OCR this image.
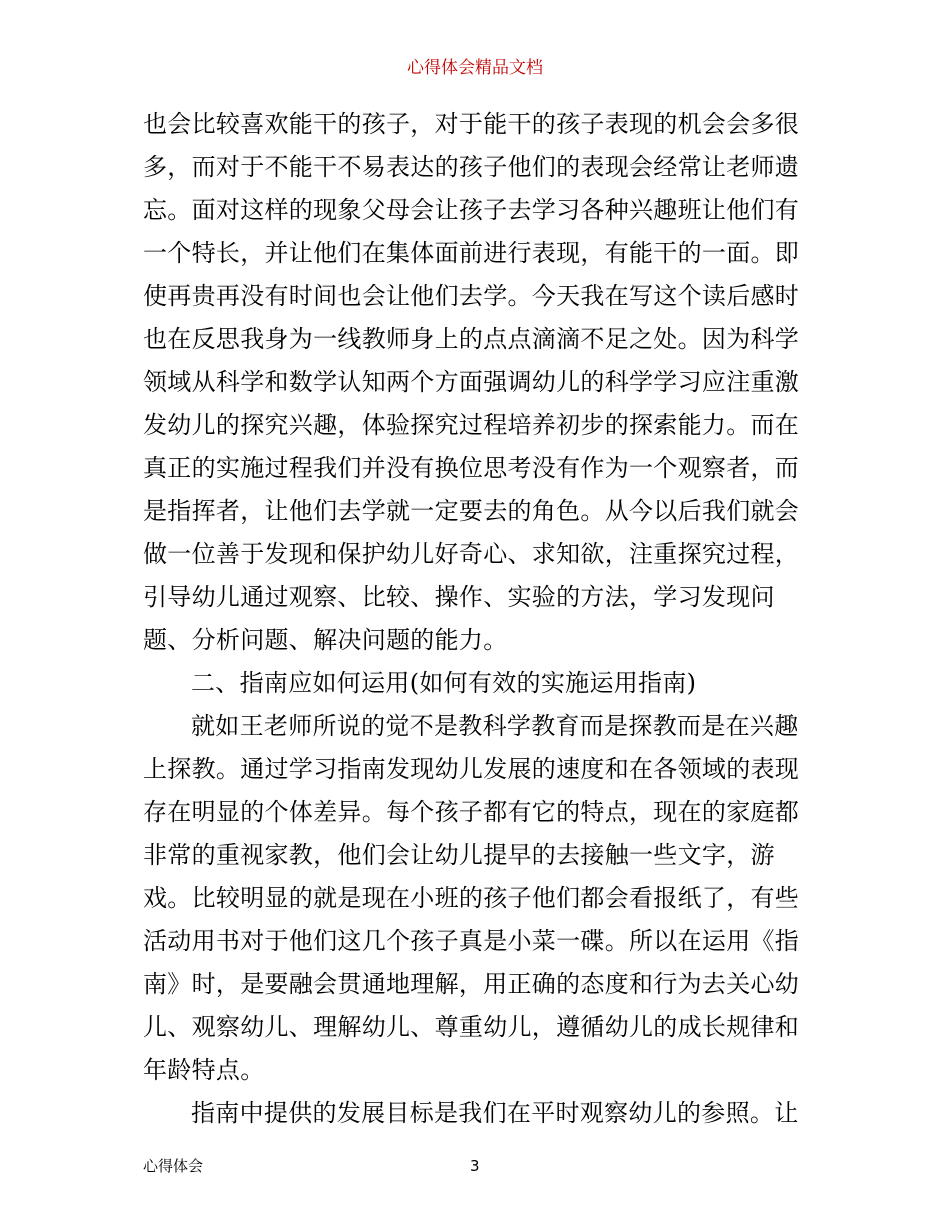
心得体会精品文档
也会比较喜欢能干的孩子，对于能干的孩子表现的机会会多很
多，而对于不能干不易表达的孩子他们的表现会经常让老师遗
忘。面对这样的现象父母会让孩子去学习各种兴趣班让他们有
一个特长，并让他们在集体面前进行表现，有能干的一面。即
使再贵再没有时间也会让他们去学。今天我在写这个读后感时
也在反思我身为一线教师身上的点点滴滴不足之处。因为科学
领域从科学和数学认知两个方面强调幼儿的科学学习应注重激
发幼儿的探究兴趣，体验探究过程培养初步的探索能力。而在
真正的实施过程我们并没有换位思考没有作为一个观察者，而
是指挥者，让他们去学就一定要去的角色。从今以后我们就会
做一位善于发现和保护幼儿好奇心、求知欲，注重探究过程，
引导幼儿通过观察、比较、操作、实验的方法，学习发现问
题、分析问题、解决问题的能力。
二、指南应如何运用(如何有效的实施运用指南)
就如王老师所说的觉不是教科学教育而是探教而是在兴趣
上探教。通过学习指南发现幼儿发展的速度和在各领域的表现
存在明显的个体差异。每个孩子都有它的特点，现在的家庭都
非常的重视家教，他们会让幼儿提早的去接触一些文字，游
戏。比较明显的就是现在小班的孩子他们都会看报纸了，有些
活动用书对于他们这几个孩子真是小菜一碟。所以在运用《指
南》时，是要融会贯通地理解，用正确的态度和行为去关心幼
儿、观察幼儿、理解幼儿、尊重幼儿，遵循幼儿的成长规律和
年龄特点。
指南中提供的发展目标是我们在平时观察幼儿的参照。让
心得体会	3
